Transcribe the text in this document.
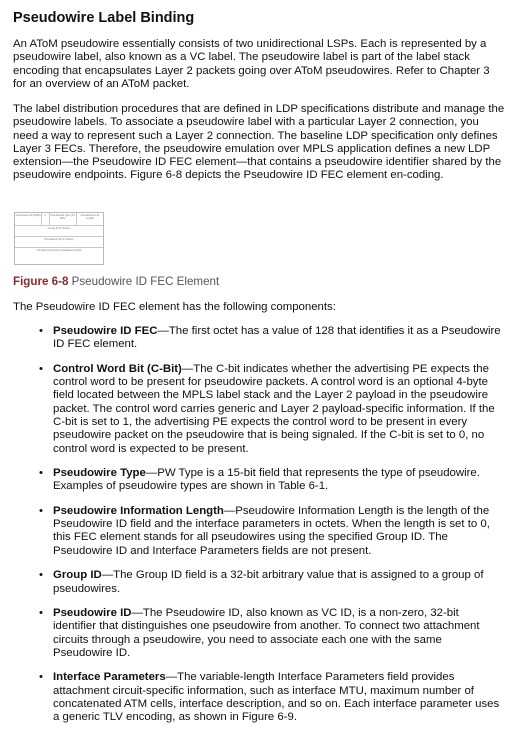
Pseudowire Label Binding

An AToM pseudowire essentially consists of two unidirectional LSPs. Each is represented by a pseudowire label, also known as a VC label. The pseudowire label is part of the label stack encoding that encapsulates Layer 2 packets going over AToM pseudowires. Refer to Chapter 3 for an overview of an AToM packet.

The label distribution procedures that are defined in LDP specifications distribute and manage the pseudowire labels. To associate a pseudowire label with a particular Layer 2 connection, you need a way to represent such a Layer 2 connection. The baseline LDP specification only defines Layer 3 FECs. Therefore, the pseudowire emulation over MPLS application defines a new LDP extension—the Pseudowire ID FEC element—that contains a pseudowire identifier shared by the pseudowire endpoints. Figure 6-8 depicts the Pseudowire ID FEC element en-coding.

Pseudowire ID (0x80)	C	Pseudowire Type (15 Bits)
Pseudowire Info Length
Group ID (4 Octets)
Pseudowire ID (4 Octets)
Interface Parameters (Variable Length)
Figure 6-8 Pseudowire ID FEC Element

The Pseudowire ID FEC element has the following components:

• Pseudowire ID FEC—The first octet has a value of 128 that identifies it as a Pseudowire ID FEC element.
• Control Word Bit (C-Bit)—The C-bit indicates whether the advertising PE expects the control word to be present for pseudowire packets. A control word is an optional 4-byte field located between the MPLS label stack and the Layer 2 payload in the pseudowire packet. The control word carries generic and Layer 2 payload-specific information. If the C-bit is set to 1, the advertising PE expects the control word to be present in every pseudowire packet on the pseudowire that is being signaled. If the C-bit is set to 0, no control word is expected to be present.
• Pseudowire Type—PW Type is a 15-bit field that represents the type of pseudowire. Examples of pseudowire types are shown in Table 6-1.
• Pseudowire Information Length—Pseudowire Information Length is the length of the Pseudowire ID field and the interface parameters in octets. When the length is set to 0, this FEC element stands for all pseudowires using the specified Group ID. The Pseudowire ID and Interface Parameters fields are not present.
• Group ID—The Group ID field is a 32-bit arbitrary value that is assigned to a group of pseudowires.
• Pseudowire ID—The Pseudowire ID, also known as VC ID, is a non-zero, 32-bit identifier that distinguishes one pseudowire from another. To connect two attachment circuits through a pseudowire, you need to associate each one with the same Pseudowire ID.
• Interface Parameters—The variable-length Interface Parameters field provides attachment circuit-specific information, such as interface MTU, maximum number of concatenated ATM cells, interface description, and so on. Each interface parameter uses a generic TLV encoding, as shown in Figure 6-9.
